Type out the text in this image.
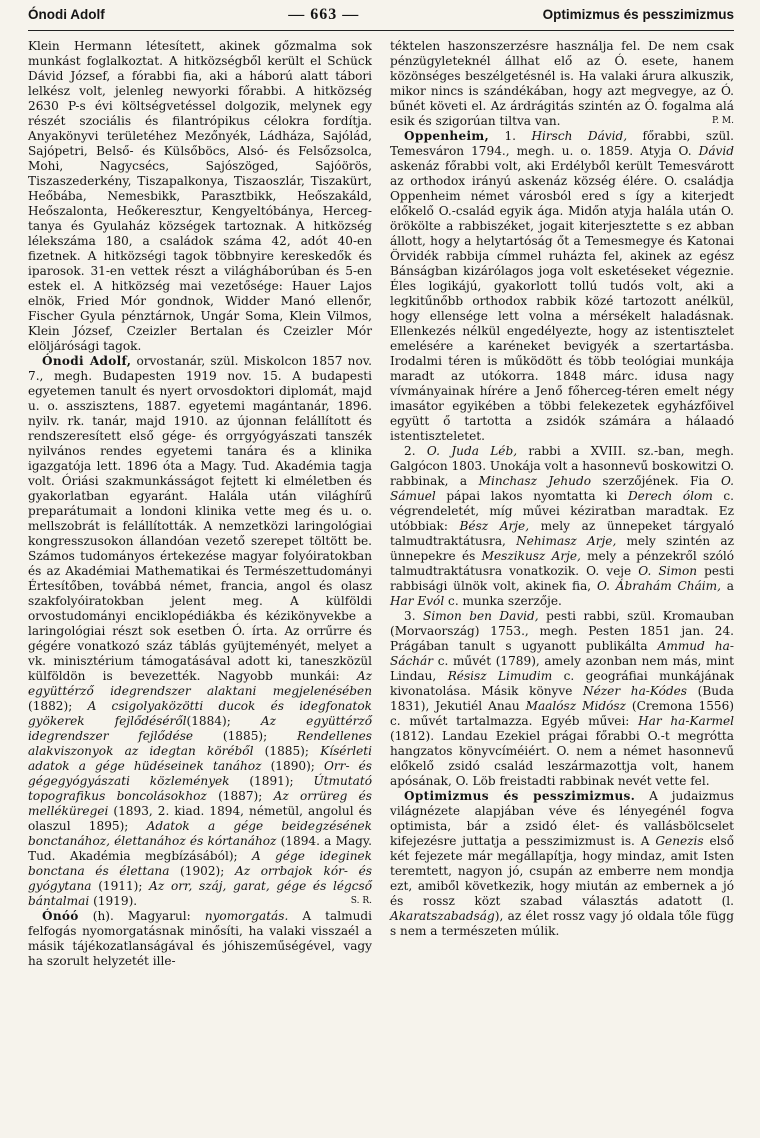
Ónodi Adolf	— 663 —	Optimizmus és pesszimizmus

Klein Hermann létesített, akinek gőzmalma sok munkást foglalkoztat. A hitközségből került el Schück Dávid József, a fórabbi fia, aki a háború alatt tábori lelkész volt, jelenleg newyorki főrabbi. A hitközség 2630 P-s évi költségvetéssel dolgozik, melynek egy részét szociális és filantrópikus célokra fordítja. Anyakönyvi területéhez Mezőnyék, Ládháza, Sajólád, Sajópetri, Belső- és Külsőböcs, Alsó- és Felsőzsolca, Mohi, Nagycsécs, Sajószöged, Sajóörös, Tiszaszederkény, Tiszapalkonya, Tiszaoszlár, Tiszakürt, Heőbába, Nemesbikk, Parasztbikk, Heőszakáld, Heőszalonta, Heőkeresztur, Kengyeltóbánya, Hercegtanya és Gyulaház községek tartoznak. A hitközség lélekszáma 180, a családok száma 42, adót 40-en fizetnek. A hitközségi tagok többnyire kereskedők és iparosok. 31-en vettek részt a világháborúban és 5-en estek el. A hitközség mai vezetősége: Hauer Lajos elnök, Fried Mór gondnok, Widder Manó ellenőr, Fischer Gyula pénztárnok, Ungár Soma, Klein Vilmos, Klein József, Czeizler Bertalan és Czeizler Mór elöljárósági tagok.

Ónodi Adolf, orvostanár, szül. Miskolcon 1857 nov. 7., megh. Budapesten 1919 nov. 15. A budapesti egyetemen tanult és nyert orvosdoktori diplomát, majd u. o. asszisztens, 1887. egyetemi magántanár, 1896. nyilv. rk. tanár, majd 1910. az újonnan felállított és rendszeresített első gége- és orrgyógyászati tanszék nyilvános rendes egyetemi tanára és a klinika igazgatója lett. 1896 óta a Magy. Tud. Akadémia tagja volt. Óriási szakmunkásságot fejtett ki elméletben és gyakorlatban egyaránt. Halála után világhírű preparátumait a londoni klinika vette meg és u. o. mellszobrát is felállították. A nemzetközi laringológiai kongresszusokon állandóan vezető szerepet töltött be. Számos tudományos értekezése magyar folyóiratokban és az Akadémiai Mathematikai és Természettudományi Értesítőben, továbbá német, francia, angol és olasz szakfolyóiratokban jelent meg. A külföldi orvostudományi enciklopédiákba és kézikönyvekbe a laringológiai részt sok esetben Ó. írta. Az orrűrre és gégére vonatkozó száz táblás gyüjteményét, melyet a vk. minisztérium támogatásával adott ki, taneszközül külföldön is bevezették. Nagyobb munkái: Az együttérző idegrendszer alaktani megjelenésében (1882); A csigolyaközötti ducok és idegfonatok gyökerek fejlődéséről(1884); Az együttérző idegrendszer fejlődése (1885); Rendellenes alakviszonyok az idegtan köréből (1885); Kísérleti adatok a gége hüdéseinek tanához (1890); Orr- és gégegyógyászati közlemények (1891); Útmutató topografikus boncolásokhoz (1887); Az orrüreg és melléküregei (1893, 2. kiad. 1894, németül, angolul és olaszul 1895); Adatok a gége beidegzésének bonctanához, élettanához és kórtanához (1894. a Magy. Tud. Akadémia megbízásából); A gége ideginek bonctana és élettana (1902); Az orrbajok kór- és gyógytana (1911); Az orr, száj, garat, gége és légcső bántalmai (1919).	S. R.

Ónóó (h). Magyarul: nyomorgatás. A talmudi felfogás nyomorgatásnak minősíti, ha valaki visszaél a másik tájékozatlanságával és jóhiszeműségével, vagy ha szorult helyzetét ille-

téktelen haszonszerzésre használja fel. De nem csak pénzügyleteknél állhat elő az Ó. esete, hanem közönséges beszélgetésnél is. Ha valaki árura alkuszik, mikor nincs is szándékában, hogy azt megvegye, az Ó. bűnét követi el. Az árdrágitás szintén az Ó. fogalma alá esik és szigorúan tiltva van.	P. M.

Oppenheim, 1. Hirsch Dávid, főrabbi, szül. Temesváron 1794., megh. u. o. 1859. Atyja O. Dávid askenáz főrabbi volt, aki Erdélyből került Temesvárott az orthodox irányú askenáz község élére. O. családja Oppenheim német városból ered s így a kiterjedt előkelő O.-család egyik ága. Midőn atyja halála után O. örökölte a rabbiszéket, jogait kiterjesztette s ez abban állott, hogy a helytartóság őt a Temesmegye és Katonai Örvidék rabbija címmel ruházta fel, akinek az egész Bánságban kizárólagos joga volt esketéseket végeznie. Éles logikájú, gyakorlott tollú tudós volt, aki a legkitűnőbb orthodox rabbik közé tartozott anélkül, hogy ellensége lett volna a mérsékelt haladásnak. Ellenkezés nélkül engedélyezte, hogy az istentisztelet emelésére a karéneket bevigyék a szertartásba. Irodalmi téren is működött és több teológiai munkája maradt az utókorra. 1848 márc. idusa nagy vívmányainak hírére a Jenő főherceg-téren emelt négy imasátor egyikében a többi felekezetek egyházfőivel együtt ő tartotta a zsidók számára a hálaadó istentiszteletet.

2. O. Juda Léb, rabbi a XVIII. sz.-ban, megh. Galgócon 1803. Unokája volt a hasonnevű boskowitzi O. rabbinak, a Minchasz Jehudo szerzőjének. Fia O. Sámuel pápai lakos nyomtatta ki Derech ólom c. végrendeletét, míg művei kéziratban maradtak. Ez utóbbiak: Bész Arje, mely az ünnepeket tárgyaló talmudtraktátusra, Nehimasz Arje, mely szintén az ünnepekre és Meszikusz Arje, mely a pénzekről szóló talmudtraktátusra vonatkozik. O. veje O. Simon pesti rabbisági ülnök volt, akinek fia, O. Ábrahám Cháim, a Har Evól c. munka szerzője.

3. Simon ben David, pesti rabbi, szül. Kromauban (Morvaország) 1753., megh. Pesten 1851 jan. 24. Prágában tanult s ugyanott publikálta Ammud ha-Sáchár c. művét (1789), amely azonban nem más, mint Lindau, Résisz Limudim c. geográfiai munkájának kivonatolása. Másik könyve Nézer ha-Kódes (Buda 1831), Jekutiél Anau Maalósz Midósz (Cremona 1556) c. művét tartalmazza. Egyéb művei: Har ha-Karmel (1812). Landau Ezekiel prágai főrabbi O.-t megrótta hangzatos könyvcíméiért. O. nem a német hasonnevű előkelő zsidó család leszármazottja volt, hanem apósának, O. Löb freistadti rabbinak nevét vette fel.

Optimizmus és pesszimizmus. A judaizmus világnézete alapjában véve és lényegénél fogva optimista, bár a zsidó élet- és vallásbölcselet kifejezésre juttatja a pesszimizmust is. A Genezis első két fejezete már megállapítja, hogy mindaz, amit Isten teremtett, nagyon jó, csupán az emberre nem mondja ezt, amiből következik, hogy miután az embernek a jó és rossz közt szabad választás adatott (l. Akaratszabadság), az élet rossz vagy jó oldala tőle függ s nem a természeten múlik.
